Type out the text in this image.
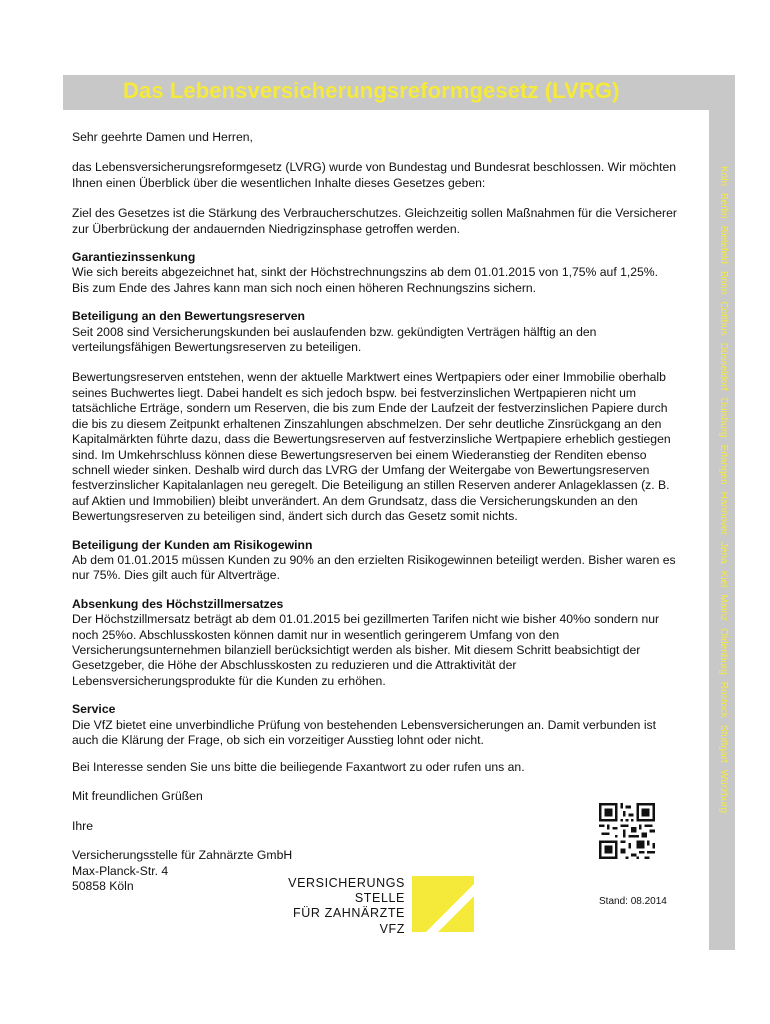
Das Lebensversicherungsreformgesetz (LVRG)
Köln
Berlin
Bielefeld
Bonn
Cottbus
Düsseldorf
Duisburg
Erlangen
Hannover
Jena
Kiel
Mainz
Oldenburg
Rostock
Stuttgart
Würzburg

Sehr geehrte Damen und Herren,

das Lebensversicherungsreformgesetz (LVRG) wurde von Bundestag und Bundesrat beschlossen. Wir möchten Ihnen einen Überblick über die wesentlichen Inhalte dieses Gesetzes geben:

Ziel des Gesetzes ist die Stärkung des Verbraucherschutzes. Gleichzeitig sollen Maßnahmen für die Versicherer zur Überbrückung der andauernden Niedrigzinsphase getroffen werden.

Garantiezinssenkung

Wie sich bereits abgezeichnet hat, sinkt der Höchstrechnungszins ab dem 01.01.2015 von 1,75% auf 1,25%. Bis zum Ende des Jahres kann man sich noch einen höheren Rechnungszins sichern.

Beteiligung an den Bewertungsreserven

Seit 2008 sind Versicherungskunden bei auslaufenden bzw. gekündigten Verträgen hälftig an den verteilungsfähigen Bewertungsreserven zu beteiligen.

Bewertungsreserven entstehen, wenn der aktuelle Marktwert eines Wertpapiers oder einer Immobilie oberhalb seines Buchwertes liegt. Dabei handelt es sich jedoch bspw. bei festverzinslichen Wertpapieren nicht um tatsächliche Erträge, sondern um Reserven, die bis zum Ende der Laufzeit der festverzinslichen Papiere durch die bis zu diesem Zeitpunkt erhaltenen Zinszahlungen abschmelzen. Der sehr deutliche Zinsrückgang an den Kapitalmärkten führte dazu, dass die Bewertungsreserven auf festverzinsliche Wertpapiere erheblich gestiegen sind. Im Umkehrschluss können diese Bewertungsreserven bei einem Wiederanstieg der Renditen ebenso schnell wieder sinken. Deshalb wird durch das LVRG der Umfang der Weitergabe von Bewertungsreserven festverzinslicher Kapitalanlagen neu geregelt. Die Beteiligung an stillen Reserven anderer Anlageklassen (z. B. auf Aktien und Immobilien) bleibt unverändert. An dem Grundsatz, dass die Versicherungskunden an den Bewertungsreserven zu beteiligen sind, ändert sich durch das Gesetz somit nichts.

Beteiligung der Kunden am Risikogewinn

Ab dem 01.01.2015 müssen Kunden zu 90% an den erzielten Risikogewinnen beteiligt werden. Bisher waren es nur 75%. Dies gilt auch für Altverträge.

Absenkung des Höchstzillmersatzes

Der Höchstzillmersatz beträgt ab dem 01.01.2015 bei gezillmerten Tarifen nicht wie bisher 40%o sondern nur noch 25%o. Abschlusskosten können damit nur in wesentlich geringerem Umfang von den Versicherungsunternehmen bilanziell berücksichtigt werden als bisher. Mit diesem Schritt beabsichtigt der Gesetzgeber, die Höhe der Abschlusskosten zu reduzieren und die Attraktivität der Lebensversicherungsprodukte für die Kunden zu erhöhen.

Service

Die VfZ bietet eine unverbindliche Prüfung von bestehenden Lebensversicherungen an. Damit verbunden ist auch die Klärung der Frage, ob sich ein vorzeitiger Ausstieg lohnt oder nicht.

Bei Interesse senden Sie uns bitte die beiliegende Faxantwort zu oder rufen uns an.

Mit freundlichen Grüßen

Ihre

Versicherungsstelle für Zahnärzte GmbH

Max-Planck-Str. 4

50858 Köln	VERSICHERUNGS
STELLE
FÜR ZAHNÄRZTE
VFZ
Stand: 08.2014
